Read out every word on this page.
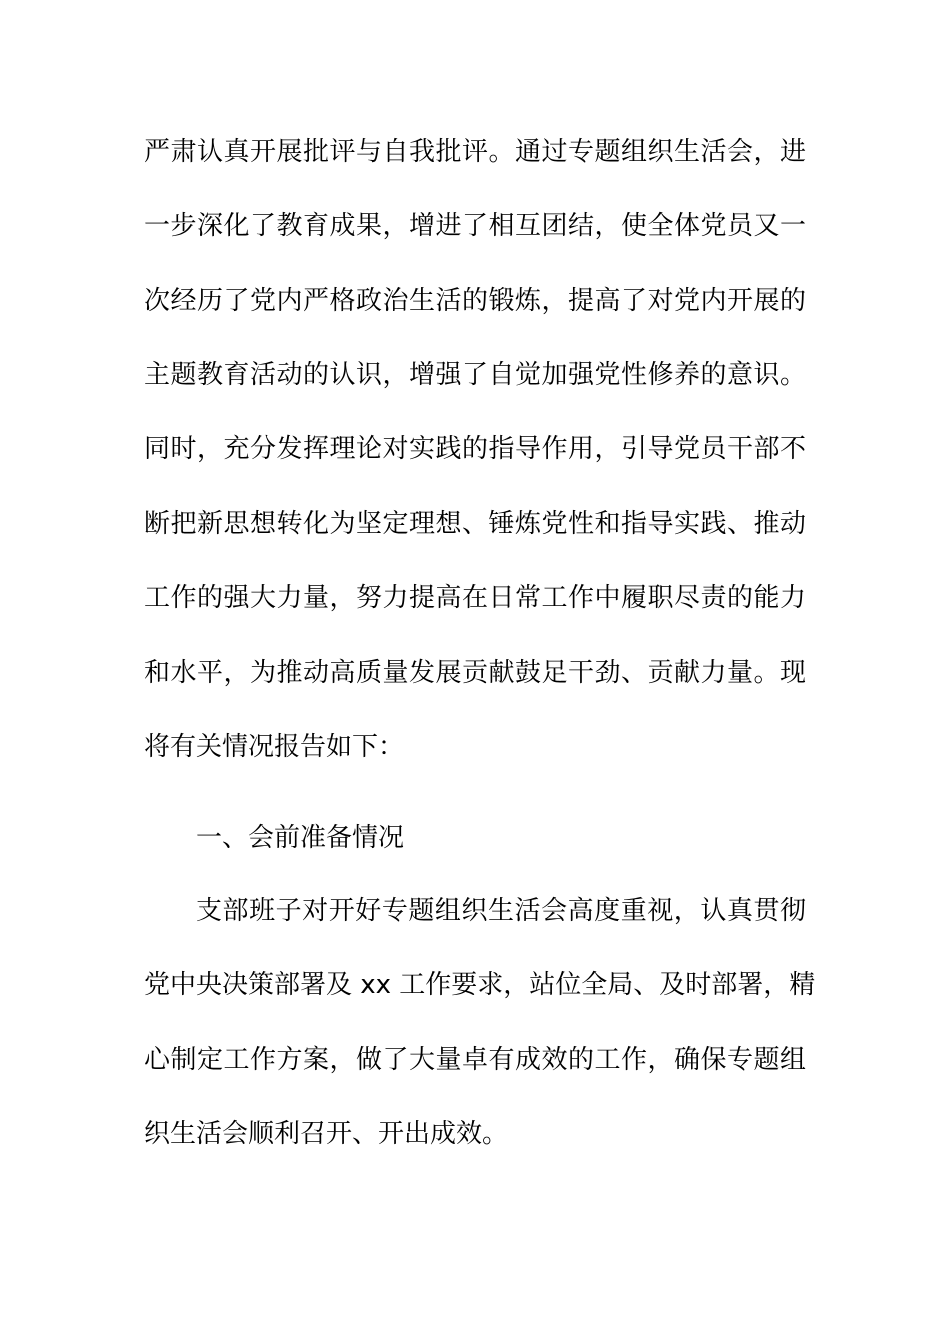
严肃认真开展批评与自我批评。通过专题组织生活会，进
一步深化了教育成果，增进了相互团结，使全体党员又一
次经历了党内严格政治生活的锻炼，提高了对党内开展的
主题教育活动的认识，增强了自觉加强党性修养的意识。
同时，充分发挥理论对实践的指导作用，引导党员干部不
断把新思想转化为坚定理想、锤炼党性和指导实践、推动
工作的强大力量，努力提高在日常工作中履职尽责的能力
和水平，为推动高质量发展贡献鼓足干劲、贡献力量。现
将有关情况报告如下：
一、会前准备情况
支部班子对开好专题组织生活会高度重视，认真贯彻
党中央决策部署及 xx 工作要求，站位全局、及时部署，精
心制定工作方案，做了大量卓有成效的工作，确保专题组
织生活会顺利召开、开出成效。
